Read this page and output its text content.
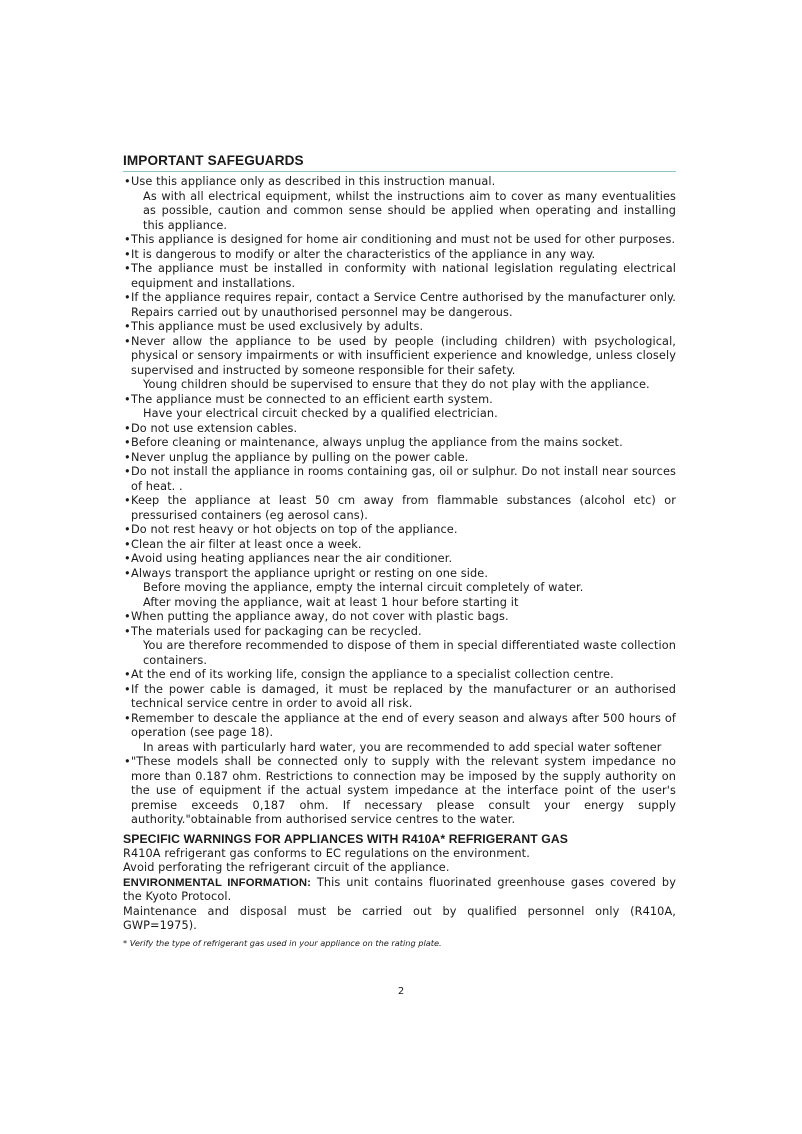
IMPORTANT SAFEGUARDS
• Use this appliance only as described in this instruction manual.
As with all electrical equipment, whilst the instructions aim to cover as many eventualities as possible, caution and common sense should be applied when operating and installing this appliance.
• This appliance is designed for home air conditioning and must not be used for other purposes.
• It is dangerous to modify or alter the characteristics of the appliance in any way.
• The appliance must be installed in conformity with national legislation regulating electrical equipment and installations.
• If the appliance requires repair, contact a Service Centre authorised by the manufacturer only. Repairs carried out by unauthorised personnel may be dangerous.
• This appliance must be used exclusively by adults.
• Never allow the appliance to be used by people (including children) with psychological, physical or sensory impairments or with insufficient experience and knowledge, unless closely supervised and instructed by someone responsible for their safety.
Young children should be supervised to ensure that they do not play with the appliance.
• The appliance must be connected to an efficient earth system.
Have your electrical circuit checked by a qualified electrician.
• Do not use extension cables.
• Before cleaning or maintenance, always unplug the appliance from the mains socket.
• Never unplug the appliance by pulling on the power cable.
• Do not install the appliance in rooms containing gas, oil or sulphur. Do not install near sources of heat. .
• Keep the appliance at least 50 cm away from flammable substances (alcohol etc) or pressurised containers (eg aerosol cans).
• Do not rest heavy or hot objects on top of the appliance.
• Clean the air filter at least once a week.
• Avoid using heating appliances near the air conditioner.
• Always transport the appliance upright or resting on one side.
Before moving the appliance, empty the internal circuit completely of water.
After moving the appliance, wait at least 1 hour before starting it
• When putting the appliance away, do not cover with plastic bags.
• The materials used for packaging can be recycled.
You are therefore recommended to dispose of them in special differentiated waste collection containers.
• At the end of its working life, consign the appliance to a specialist collection centre.
• If the power cable is damaged, it must be replaced by the manufacturer or an authorised technical service centre in order to avoid all risk.
• Remember to descale the appliance at the end of every season and always after 500 hours of operation (see page 18).
In areas with particularly hard water, you are recommended to add special water softener
• "These models shall be connected only to supply with the relevant system impedance no more than 0.187 ohm. Restrictions to connection may be imposed by the supply authority on the use of equipment if the actual system impedance at the interface point of the user's premise exceeds 0,187 ohm. If necessary please consult your energy supply authority."obtainable from authorised service centres to the water.
SPECIFIC WARNINGS FOR APPLIANCES WITH R410A* REFRIGERANT GAS
R410A refrigerant gas conforms to EC regulations on the environment.
Avoid perforating the refrigerant circuit of the appliance.
ENVIRONMENTAL INFORMATION: This unit contains fluorinated greenhouse gases covered by the Kyoto Protocol.
Maintenance and disposal must be carried out by qualified personnel only (R410A, GWP=1975).
* Verify the type of refrigerant gas used in your appliance on the rating plate.
2
